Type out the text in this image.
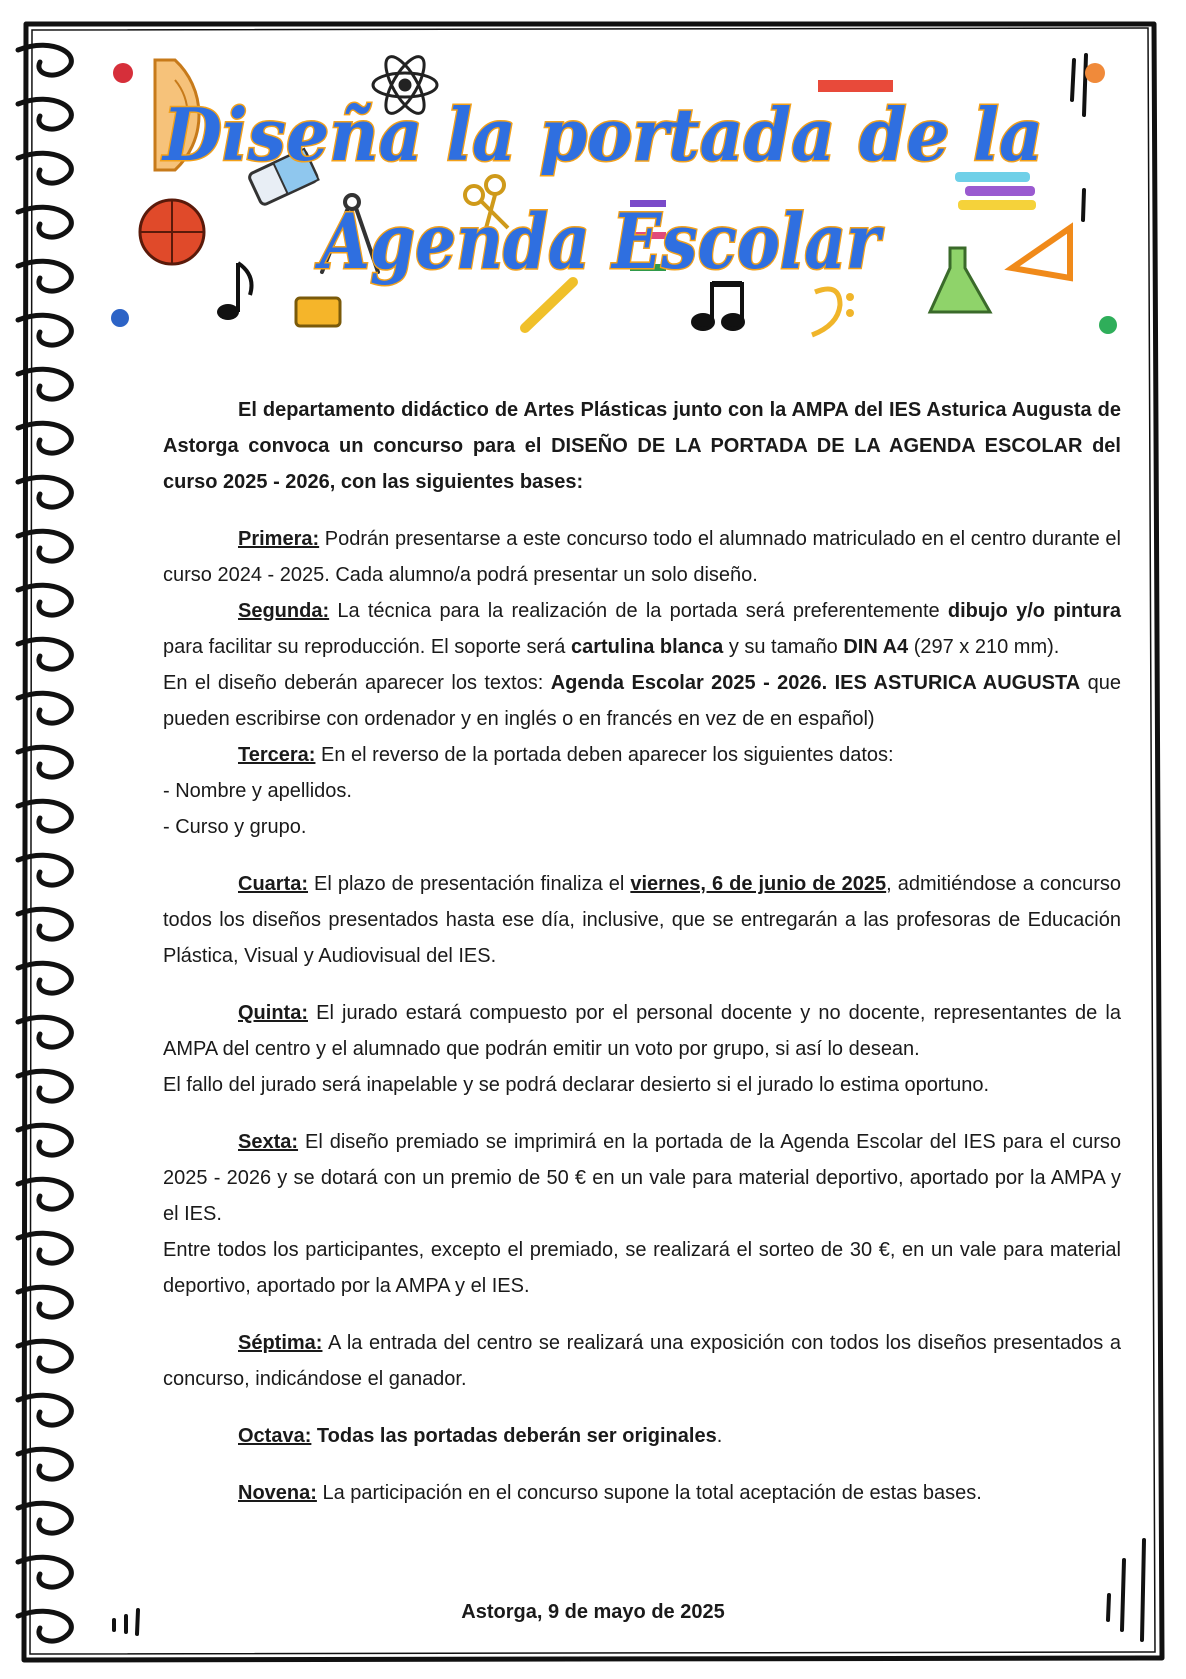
Diseña la portada de la
Agenda Escolar

El departamento didáctico de Artes Plásticas junto con la AMPA del IES Asturica Augusta de Astorga convoca un concurso para el DISEÑO DE LA PORTADA DE LA AGENDA ESCOLAR del curso 2025 - 2026, con las siguientes bases:

Primera: Podrán presentarse a este concurso todo el alumnado matriculado en el centro durante el curso 2024 - 2025. Cada alumno/a podrá presentar un solo diseño.

Segunda: La técnica para la realización de la portada será preferentemente dibujo y/o pintura para facilitar su reproducción. El soporte será cartulina blanca y su tamaño DIN A4 (297 x 210 mm).

En el diseño deberán aparecer los textos: Agenda Escolar 2025 - 2026. IES ASTURICA AUGUSTA que pueden escribirse con ordenador y en inglés o en francés en vez de en español)

Tercera: En el reverso de la portada deben aparecer los siguientes datos:

- Nombre y apellidos.

- Curso y grupo.

Cuarta: El plazo de presentación finaliza el viernes, 6 de junio de 2025, admitiéndose a concurso todos los diseños presentados hasta ese día, inclusive, que se entregarán a las profesoras de Educación Plástica, Visual y Audiovisual del IES.

Quinta: El jurado estará compuesto por el personal docente y no docente, representantes de la AMPA del centro y el alumnado que podrán emitir un voto por grupo, si así lo desean.

El fallo del jurado será inapelable y se podrá declarar desierto si el jurado lo estima oportuno.

Sexta: El diseño premiado se imprimirá en la portada de la Agenda Escolar del IES para el curso 2025 - 2026 y se dotará con un premio de 50 € en un vale para material deportivo, aportado por la AMPA y el IES.

Entre todos los participantes, excepto el premiado, se realizará el sorteo de 30 €, en un vale para material deportivo, aportado por la AMPA y el IES.

Séptima: A la entrada del centro se realizará una exposición con todos los diseños presentados a concurso, indicándose el ganador.

Octava: Todas las portadas deberán ser originales.

Novena: La participación en el concurso supone la total aceptación de estas bases.

Astorga, 9 de mayo de 2025
